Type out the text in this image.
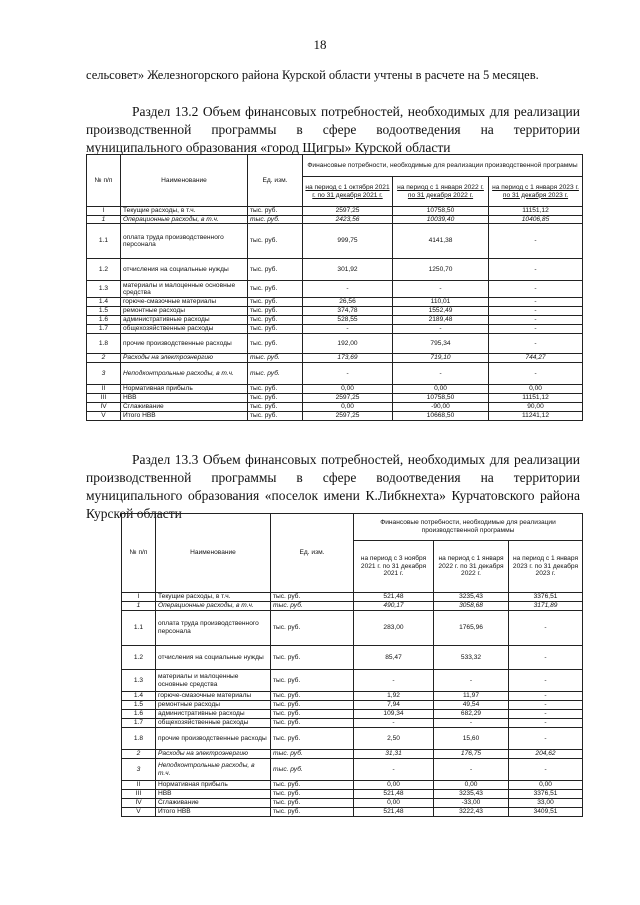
18
сельсовет» Железногорского района Курской области учтены в расчете на 5 месяцев.
Раздел 13.2 Объем финансовых потребностей, необходимых для реализации производственной программы в сфере водоотведения на территории муниципального образования «город Щигры» Курской области
№ п/п	Наименование	Ед. изм.	Финансовые потребности, необходимые для реализации производственной программы		
			на период с 1 октября 2021 г. по 31 декабря 2021 г.	на период с 1 января 2022 г. по 31 декабря 2022 г.	на период с 1 января 2023 г. по 31 декабря 2023 г.
I	Текущие расходы, в т.ч.	тыс. руб.	2597,25	10758,50	11151,12
1	Операционные расходы, в т.ч.	тыс. руб.	2423,56	10039,40	10406,85
1.1	оплата труда производственного персонала	тыс. руб.	999,75	4141,38	-
1.2	отчисления на социальные нужды	тыс. руб.	301,92	1250,70	-
1.3	материалы и малоценные основные средства	тыс. руб.	-	-	-
1.4	горюче-смазочные материалы	тыс. руб.	26,56	110,01	-
1.5	ремонтные расходы	тыс. руб.	374,78	1552,49	-
1.6	административные расходы	тыс. руб.	528,55	2189,48	-
1.7	общехозяйственные расходы	тыс. руб.	-	-	-
1.8	прочие производственные расходы	тыс. руб.	192,00	795,34	-
2	Расходы на электроэнергию	тыс. руб.	173,69	719,10	744,27
3	Неподконтрольные расходы, в т.ч.	тыс. руб.	-	-	-
II	Нормативная прибыль	тыс. руб.	0,00	0,00	0,00
III	НВВ	тыс. руб.	2597,25	10758,50	11151,12
IV	Сглаживание	тыс. руб.	0,00	-90,00	90,00
V	Итого НВВ	тыс. руб.	2597,25	10668,50	11241,12
Раздел 13.3 Объем финансовых потребностей, необходимых для реализации производственной программы в сфере водоотведения на территории муниципального образования «поселок имени К.Либкнехта» Курчатовского района Курской области
№ п/п	Наименование	Ед. изм.	Финансовые потребности, необходимые для реализации производственной программы		
			на период с 3 ноября 2021 г. по 31 декабря 2021 г.	на период с 1 января 2022 г. по 31 декабря 2022 г.	на период с 1 января 2023 г. по 31 декабря 2023 г.
I	Текущие расходы, в т.ч.	тыс. руб.	521,48	3235,43	3376,51
1	Операционные расходы, в т.ч.	тыс. руб.	490,17	3058,68	3171,89
1.1	оплата труда производственного персонала	тыс. руб.	283,00	1765,96	-
1.2	отчисления на социальные нужды	тыс. руб.	85,47	533,32	-
1.3	материалы и малоценные основные средства	тыс. руб.	-	-	-
1.4	горюче-смазочные материалы	тыс. руб.	1,92	11,97	-
1.5	ремонтные расходы	тыс. руб.	7,94	49,54	-
1.6	административные расходы	тыс. руб.	109,34	682,29	-
1.7	общехозяйственные расходы	тыс. руб.	-	-	-
1.8	прочие производственные расходы	тыс. руб.	2,50	15,60	-
2	Расходы на электроэнергию	тыс. руб.	31,31	176,75	204,62
3	Неподконтрольные расходы, в т.ч.	тыс. руб.	-	-	-
II	Нормативная прибыль	тыс. руб.	0,00	0,00	0,00
III	НВВ	тыс. руб.	521,48	3235,43	3376,51
IV	Сглаживание	тыс. руб.	0,00	-33,00	33,00
V	Итого НВВ	тыс. руб.	521,48	3222,43	3409,51
